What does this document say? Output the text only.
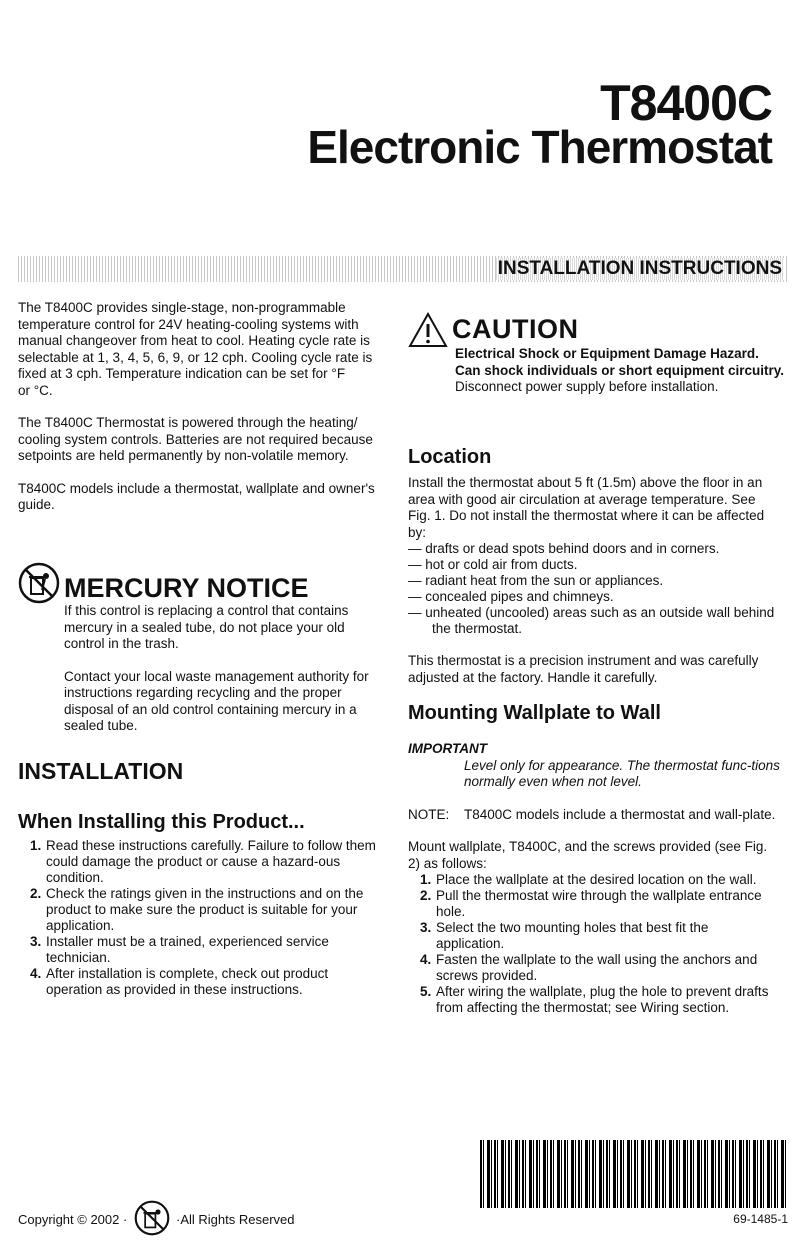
T8400C
Electronic Thermostat
INSTALLATION INSTRUCTIONS

The T8400C provides single-stage, non-programmable temperature control for 24V heating-cooling systems with manual changeover from heat to cool. Heating cycle rate is selectable at 1, 3, 4, 5, 6, 9, or 12 cph. Cooling cycle rate is fixed at 3 cph. Temperature indication can be set for °F

or °C.

The T8400C Thermostat is powered through the heating/ cooling system controls. Batteries are not required because setpoints are held permanently by non-volatile memory.

T8400C models include a thermostat, wallplate and owner's guide.

MERCURY NOTICE

If this control is replacing a control that contains mercury in a sealed tube, do not place your old control in the trash.

Contact your local waste management authority for instructions regarding recycling and the proper disposal of an old control containing mercury in a sealed tube.

INSTALLATION
When Installing this Product...
1. Read these instructions carefully. Failure to follow them could damage the product or cause a hazard-ous condition.
2. Check the ratings given in the instructions and on the product to make sure the product is suitable for your application.
3. Installer must be a trained, experienced service technician.
4. After installation is complete, check out product operation as provided in these instructions.
CAUTION

Electrical Shock or Equipment Damage Hazard.

Can shock individuals or short equipment circuitry.

Disconnect power supply before installation.

Location

Install the thermostat about 5 ft (1.5m) above the floor in an area with good air circulation at average temperature. See Fig. 1. Do not install the thermostat where it can be affected by:

— drafts or dead spots behind doors and in corners.
— hot or cold air from ducts.
— radiant heat from the sun or appliances.
— concealed pipes and chimneys.
— unheated (uncooled) areas such as an outside wall behind the thermostat.

This thermostat is a precision instrument and was carefully adjusted at the factory. Handle it carefully.

Mounting Wallplate to Wall

IMPORTANT

Level only for appearance. The thermostat func-tions normally even when not level.

NOTE:	T8400C models include a thermostat and wall-plate.

Mount wallplate, T8400C, and the screws provided (see Fig. 2) as follows:

1. Place the wallplate at the desired location on the wall.
2. Pull the thermostat wire through the wallplate entrance hole.
3. Select the two mounting holes that best fit the application.
4. Fasten the wallplate to the wall using the anchors and screws provided.
5. After wiring the wallplate, plug the hole to prevent drafts from affecting the thermostat; see Wiring section.
69-1485-1
Copyright © 2002 ·	·All Rights Reserved
